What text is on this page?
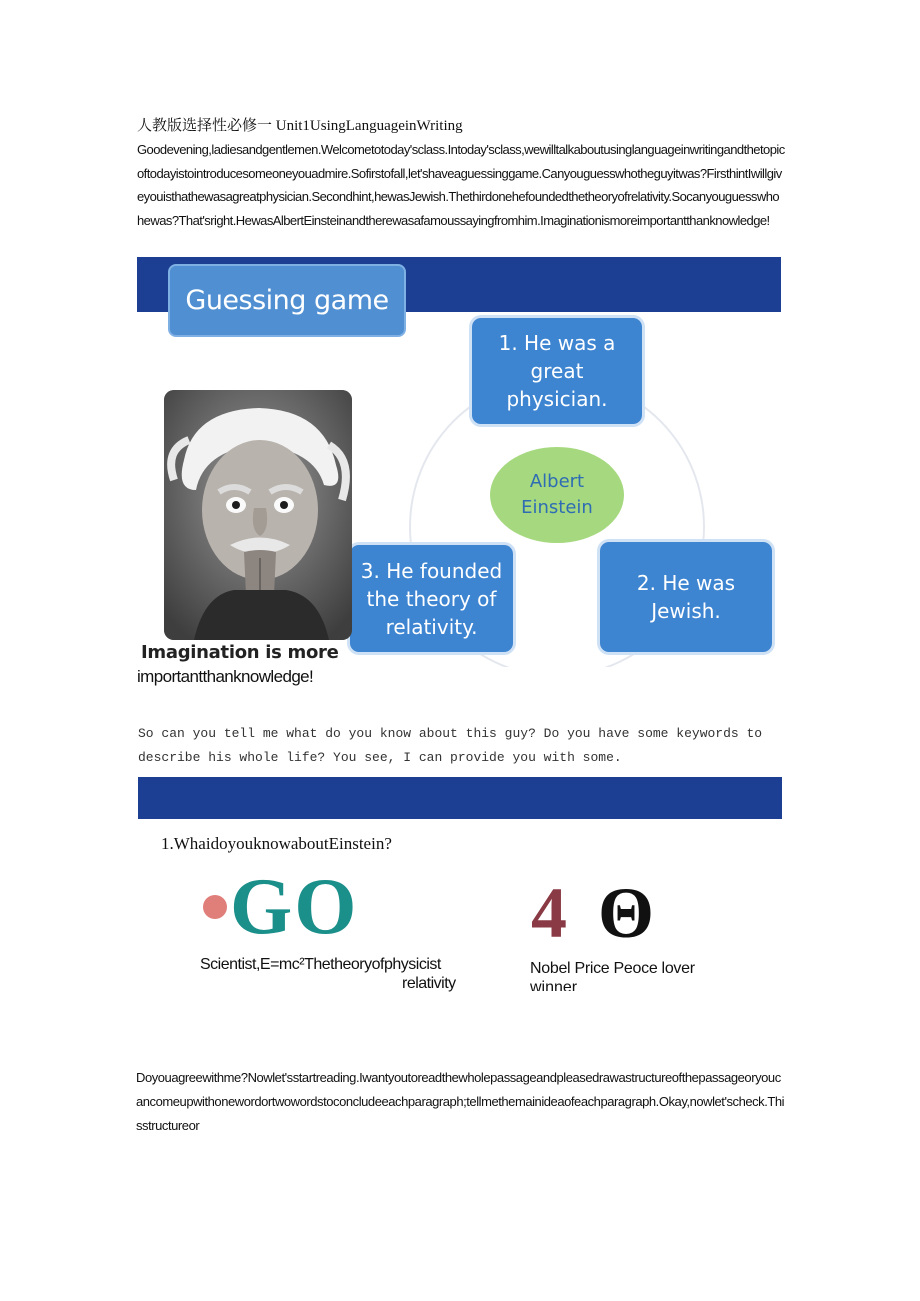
人教版选择性必修一 Unit1UsingLanguageinWriting
Goodevening,ladiesandgentlemen.Welcometotoday'sclass.Intoday'sclass,wewilltalkaboutusinglanguageinwritingandthetopicoftodayistointroducesomeoneyouadmire.Sofirstofall,let'shaveaguessinggame.Canyouguesswhotheguyitwas?FirsthintIwillgiveyouisthathewasagreatphysician.Secondhint,hewasJewish.Thethirdonehefoundedthetheoryofrelativity.Socanyouguesswhohewas?That'sright.HewasAlbertEinsteinandtherewasafamoussayingfromhim.Imaginationismoreimportantthanknowledge!
Guessing game
Albert
Einstein
1. He was a
great
physician.
2. He was
Jewish.
3. He founded
the theory of
relativity.
Imagination is more
importantthanknowledge!
So can you tell me what do you know about this guy? Do you have some keywords to describe his whole life? You see, I can provide you with some.
1.WhaidoyouknowaboutEinstein?
GO 4 Θ
Scientist,E=mc²Thetheoryofphysicist
relativity
Nobel Price Peoce lover
winner
Doyouagreewithme?Nowlet'sstartreading.Iwantyoutoreadthewholepassageandpleasedrawastructureofthepassageoryoucancomeupwithonewordortwowordstoconcludeeachparagraph;tellmethemainideaofeachparagraph.Okay,nowlet'scheck.Thisstructureor
